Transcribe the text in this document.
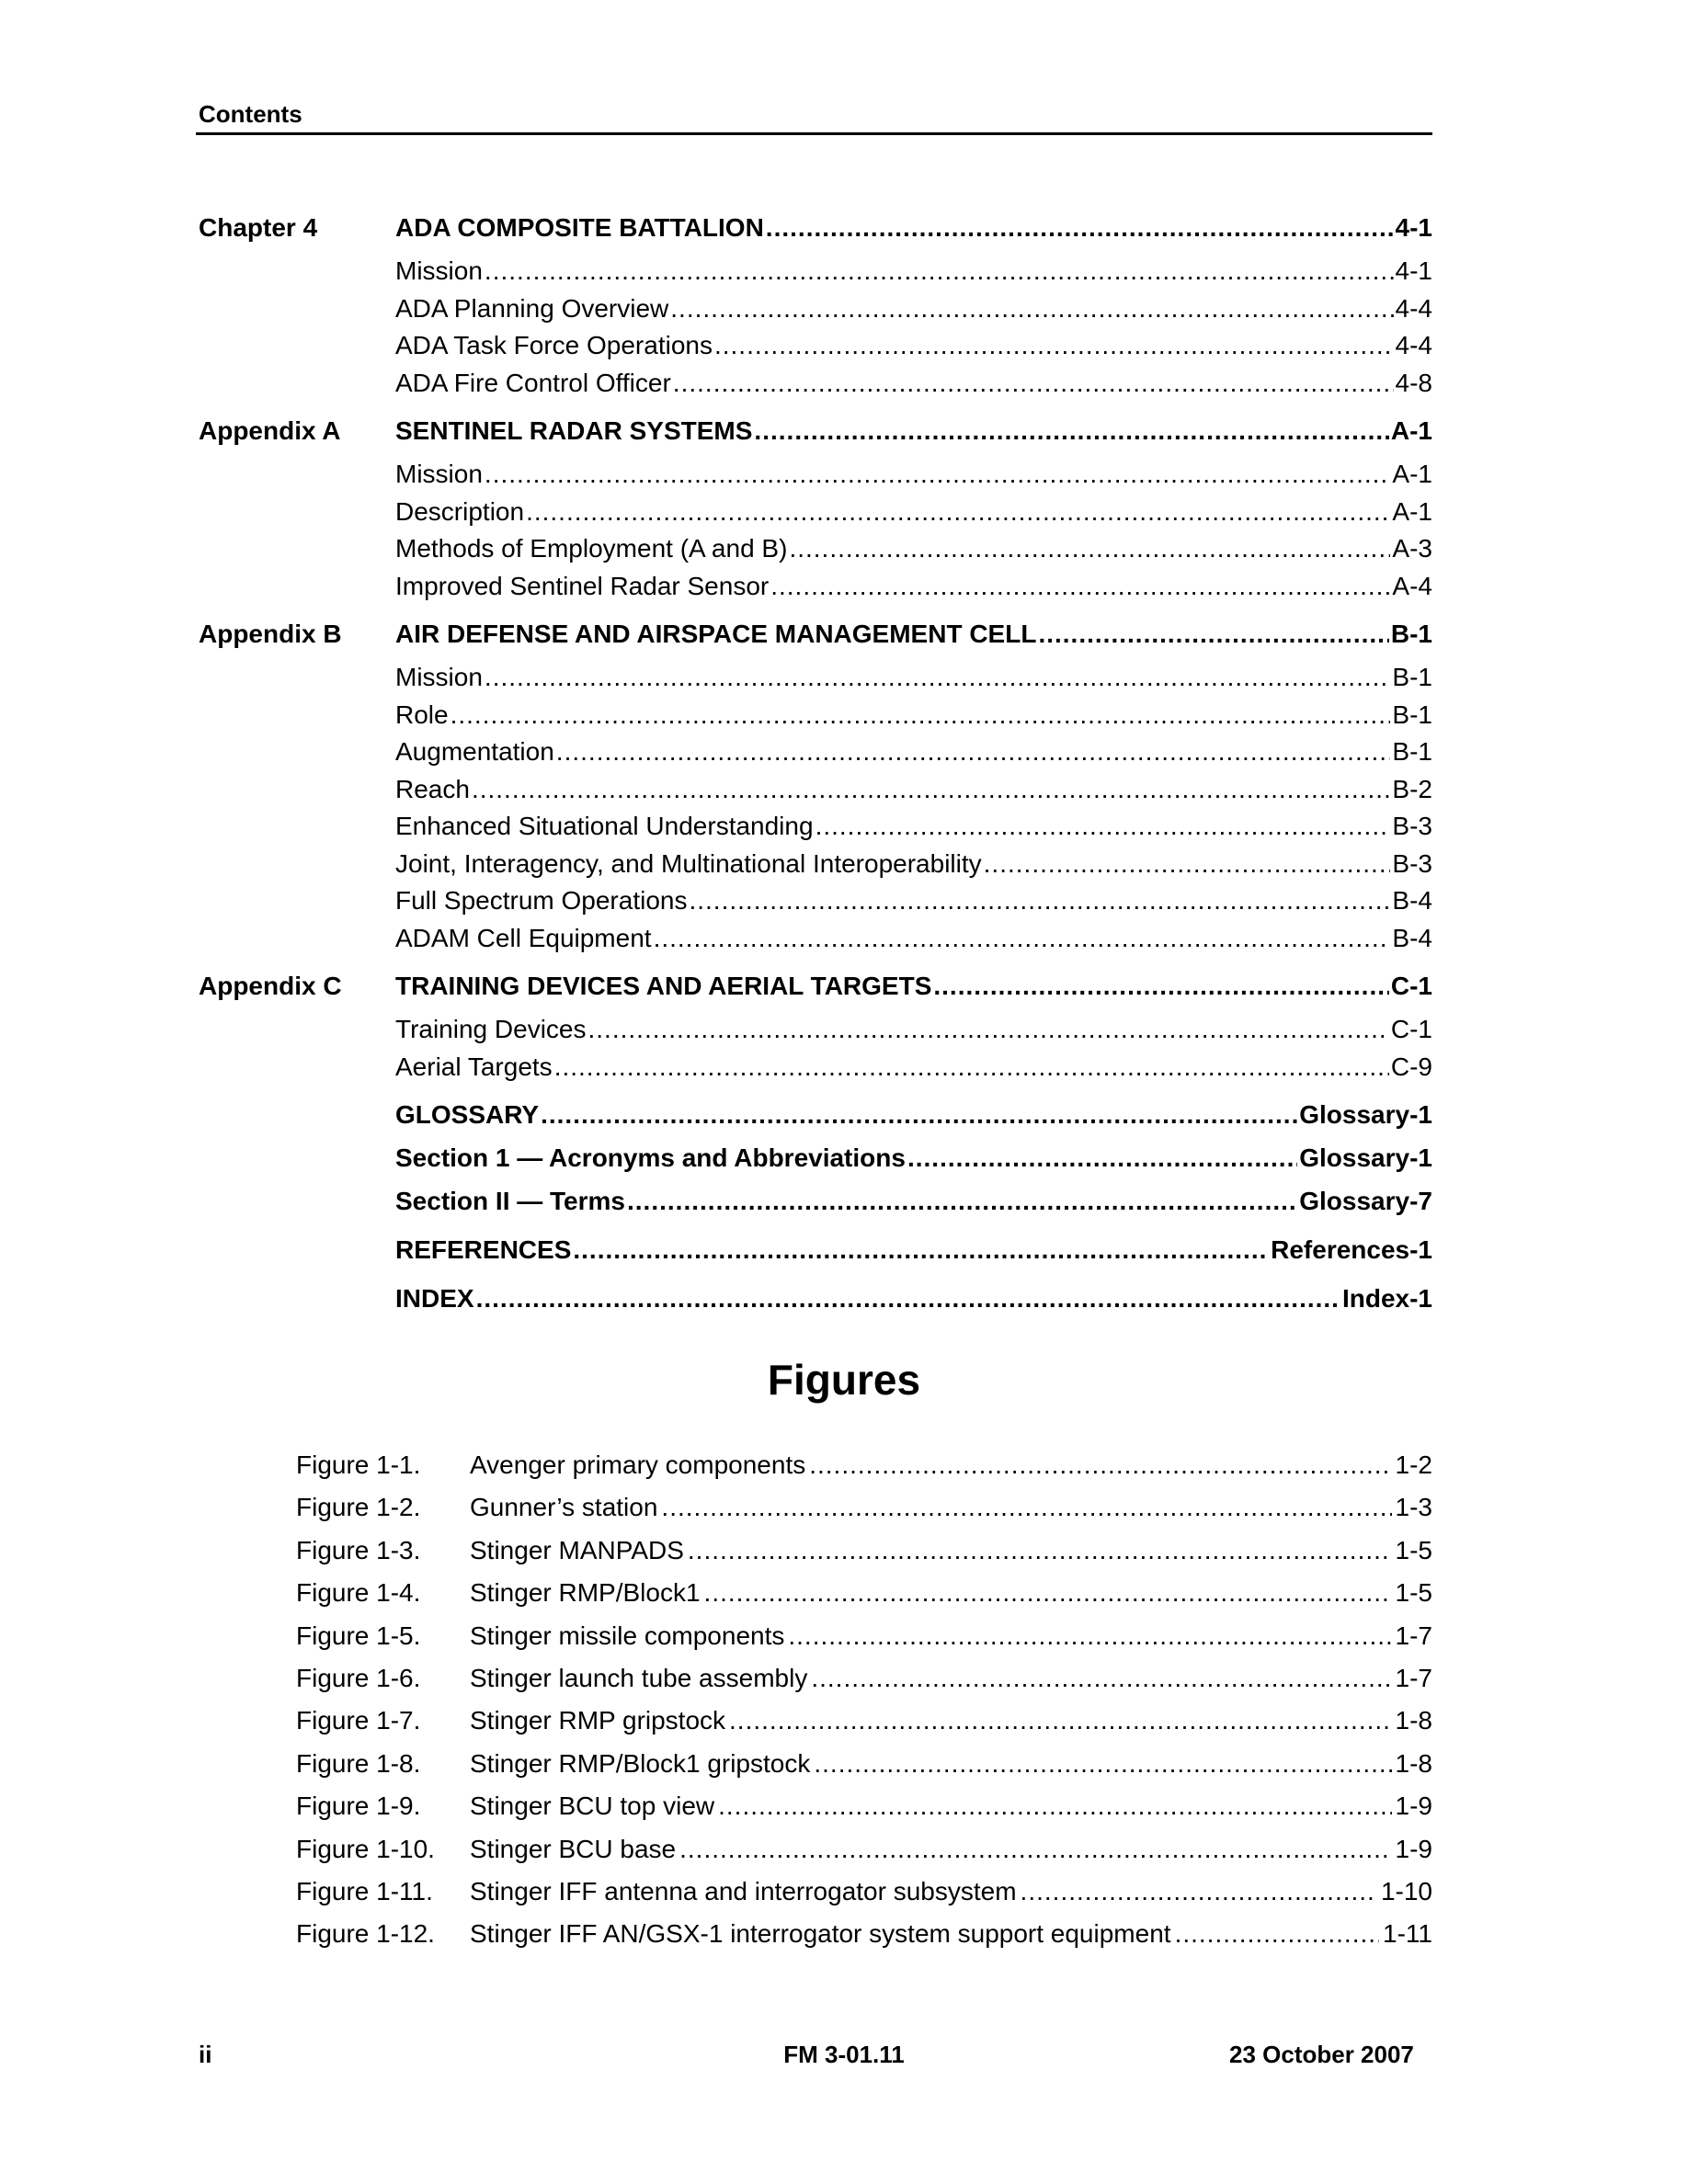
Contents
Chapter 4	ADA COMPOSITE BATTALION .....	4-1
Mission .....	4-1
ADA Planning Overview .....	4-4
ADA Task Force Operations .....	4-4
ADA Fire Control Officer .....	4-8
Appendix A SENTINEL RADAR SYSTEMS .....	A-1
Mission .....	A-1
Description .....	A-1
Methods of Employment (A and B) .....	A-3
Improved Sentinel Radar Sensor .....	A-4
Appendix B AIR DEFENSE AND AIRSPACE MANAGEMENT CELL .....	B-1
Mission .....	B-1
Role .....	B-1
Augmentation .....	B-1
Reach .....	B-2
Enhanced Situational Understanding .....	B-3
Joint, Interagency, and Multinational Interoperability .....	B-3
Full Spectrum Operations .....	B-4
ADAM Cell Equipment .....	B-4
Appendix C TRAINING DEVICES AND AERIAL TARGETS .....	C-1
Training Devices .....	C-1
Aerial Targets .....	C-9
GLOSSARY .....	Glossary-1
Section 1 — Acronyms and Abbreviations .....	Glossary-1
Section II — Terms .....	Glossary-7
REFERENCES .....	References-1
INDEX .....	Index-1
Figures
Figure 1-1. Avenger primary components .....	1-2
Figure 1-2. Gunner’s station .....	1-3
Figure 1-3. Stinger MANPADS .....	1-5
Figure 1-4. Stinger RMP/Block1 .....	1-5
Figure 1-5. Stinger missile components .....	1-7
Figure 1-6. Stinger launch tube assembly .....	1-7
Figure 1-7. Stinger RMP gripstock .....	1-8
Figure 1-8. Stinger RMP/Block1 gripstock .....	1-8
Figure 1-9. Stinger BCU top view .....	1-9
Figure 1-10. Stinger BCU base .....	1-9
Figure 1-11. Stinger IFF antenna and interrogator subsystem .....	1-10
Figure 1-12. Stinger IFF AN/GSX-1 interrogator system support equipment .....	1-11
ii	FM 3-01.11	23 October 2007
